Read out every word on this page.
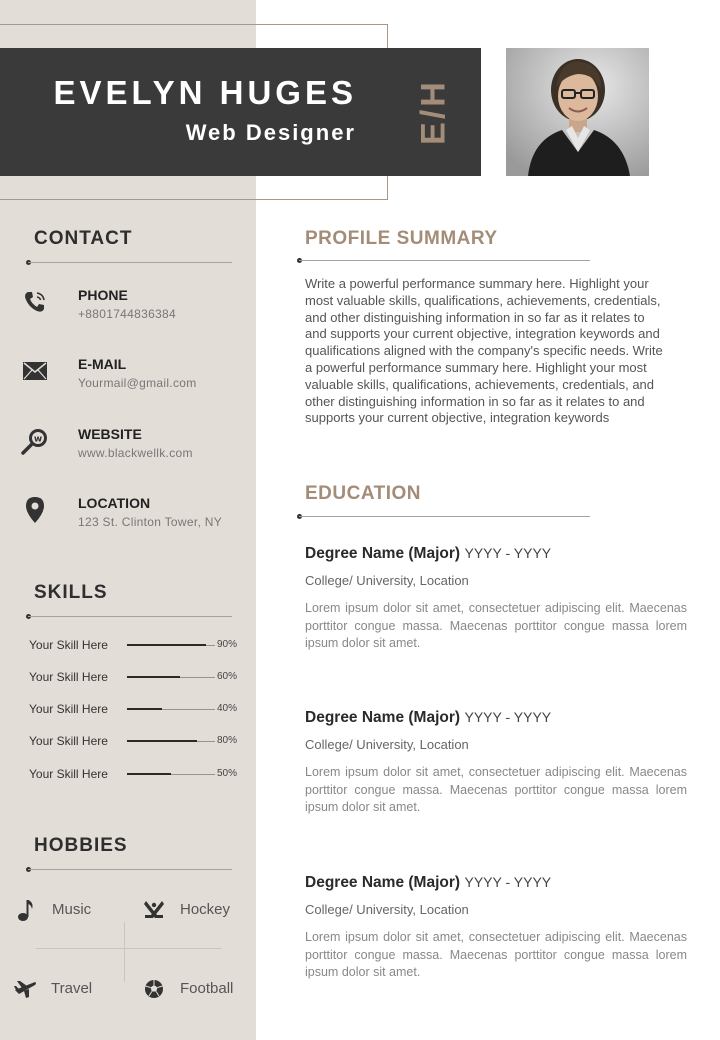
EVELYN HUGES
Web Designer E/H
CONTACT
PHONE
+8801744836384
E-MAIL
Yourmail@gmail.com
w	WEBSITE
www.blackwellk.com
LOCATION
123 St. Clinton Tower, NY
SKILLS
Your Skill Here	90%
Your Skill Here	60%
Your Skill Here	40%
Your Skill Here	80%
Your Skill Here	50%
HOBBIES
Music	Hockey
Travel	Football
PROFILE SUMMARY
Write a powerful performance summary here. Highlight your most valuable skills, qualifications, achievements, credentials, and other distinguishing information in so far as it relates to and supports your current objective, integration keywords and qualifications aligned with the company's specific needs. Write a powerful performance summary here. Highlight your most valuable skills, qualifications, achievements, credentials, and other distinguishing information in so far as it relates to and supports your current objective, integration keywords
EDUCATION
Degree Name (Major) YYYY - YYYY
College/ University, Location
Lorem ipsum dolor sit amet, consectetuer adipiscing elit. Maecenas porttitor congue massa. Maecenas porttitor congue massa lorem ipsum dolor sit amet.
Degree Name (Major) YYYY - YYYY
College/ University, Location
Lorem ipsum dolor sit amet, consectetuer adipiscing elit. Maecenas porttitor congue massa. Maecenas porttitor congue massa lorem ipsum dolor sit amet.
Degree Name (Major) YYYY - YYYY
College/ University, Location
Lorem ipsum dolor sit amet, consectetuer adipiscing elit. Maecenas porttitor congue massa. Maecenas porttitor congue massa lorem ipsum dolor sit amet.
